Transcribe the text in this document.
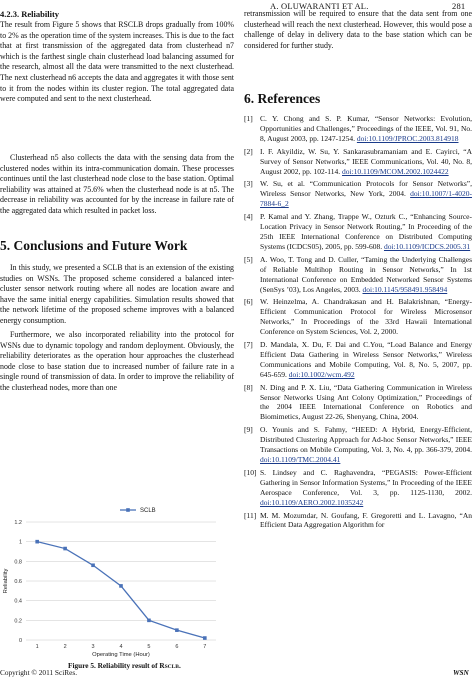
A. OLUWARANTI ET AL.	281
4.2.3. Reliability
The result from Figure 5 shows that RSCLB drops gradually from 100% to 2% as the operation time of the system increases. This is due to the fact that at first transmission of the aggregated data from clusterhead n7 which is the farthest single chain clusterhead load balancing assumed for the research, almost all the data were transmitted to the next clusterhead. The next clusterhead n6 accepts the data and aggregates it with those sent to it from the nodes within its cluster region. The total aggregated data were computed and sent to the next clusterhead.
Clusterhead n5 also collects the data with the sensing data from the clustered nodes within its intra-communication domain. These processes continues until the last clusterhead node close to the base station. Optimal reliability was attained at 75.6% when the clusterhead node is at n5. The decrease in reliability was accounted for by the increase in failure rate of the aggregated data which resulted in packet loss.
5. Conclusions and Future Work
In this study, we presented a SCLB that is an extension of the existing studies on WSNs. The proposed scheme considered a balanced inter-cluster sensor network routing where all nodes are location aware and have the same initial energy capabilities. Simulation results showed that the network lifetime of the proposed scheme improves with a balanced energy consumption.
Furthermore, we also incorporated reliability into the protocol for WSNs due to dynamic topology and random deployment. Obviously, the reliability deteriorates as the operation hour approaches the clusterhead node close to base station due to increased number of failure rate in a single round of transmission of data. In order to improve the reliability of the clusterhead nodes, more than one
0
0.2
0.4
0.6
0.8
1
1.2
1	2	3	4	5	6	7
Operating Time (Hour)
Reliability
SCLB
Figure 5. Reliability result of RSCLB.
retransmission will be required to ensure that the data sent from one clusterhead will reach the next clusterhead. However, this would pose a challenge of delay in delivery data to the base station which can be considered for further study.
6. References
[1] C. Y. Chong and S. P. Kumar, “Sensor Networks: Evolution, Opportunities and Challenges,” Proceedings of the IEEE, Vol. 91, No. 8, August 2003, pp. 1247-1254. doi:10.1109/JPROC.2003.814918
[2] I. F. Akyildiz, W. Su, Y. Sankarasubramaniam and E. Cayirci, “A Survey of Sensor Networks,” IEEE Communications, Vol. 40, No. 8, August 2002, pp. 102-114. doi:10.1109/MCOM.2002.1024422
[3] W. Su, et al. “Communication Protocols for Sensor Networks”, Wireless Sensor Networks, New York, 2004. doi:10.1007/1-4020-7884-6_2
[4] P. Kamal and Y. Zhang, Trappe W., Ozturk C., “Enhancing Source-Location Privacy in Sensor Network Routing,” In Proceeding of the 25th IEEE International Conference on Distributed Computing Systems (ICDCS05), 2005, pp. 599-608. doi:10.1109/ICDCS.2005.31
[5] A. Woo, T. Tong and D. Culler, “Taming the Underlying Challenges of Reliable Multihop Routing in Sensor Networks,” In 1st International Conference on Embedded Networked Sensor Systems (SenSys ’03), Los Angeles, 2003. doi:10.1145/958491.958494
[6] W. Heinzelma, A. Chandrakasan and H. Balakrishnan, “Energy-Efficient Communication Protocol for Wireless Microsensor Networks,” In Proceedings of the 33rd Hawaii International Conference on System Sciences, Vol. 2, 2000.
[7] D. Mandala, X. Du, F. Dai and C.You, “Load Balance and Energy Efficient Data Gathering in Wireless Sensor Networks,” Wireless Communications and Mobile Computing, Vol. 8, No. 5, 2007, pp. 645-659. doi:10.1002/wcm.492
[8] N. Ding and P. X. Liu, “Data Gathering Communication in Wireless Sensor Networks Using Ant Colony Optimization,” Proceedings of the 2004 IEEE International Conference on Robotics and Biomimetics, August 22-26, Shenyang, China, 2004.
[9] O. Younis and S. Fahmy, “HEED: A Hybrid, Energy-Efficient, Distributed Clustering Approach for Ad-hoc Sensor Networks,” IEEE Transactions on Mobile Computing, Vol. 3, No. 4, pp. 366-379, 2004. doi:10.1109/TMC.2004.41
[10] S. Lindsey and C. Raghavendra, “PEGASIS: Power-Efficient Gathering in Sensor Information Systems,” In Proceeding of the IEEE Aerospace Conference, Vol. 3, pp. 1125-1130, 2002. doi:10.1109/AERO.2002.1035242
[11] M. M. Mozumdar, N. Goufang, F. Gregoretti and L. Lavagno, “An Efficient Data Aggregation Algorithm for
Copyright © 2011 SciRes.	WSN
